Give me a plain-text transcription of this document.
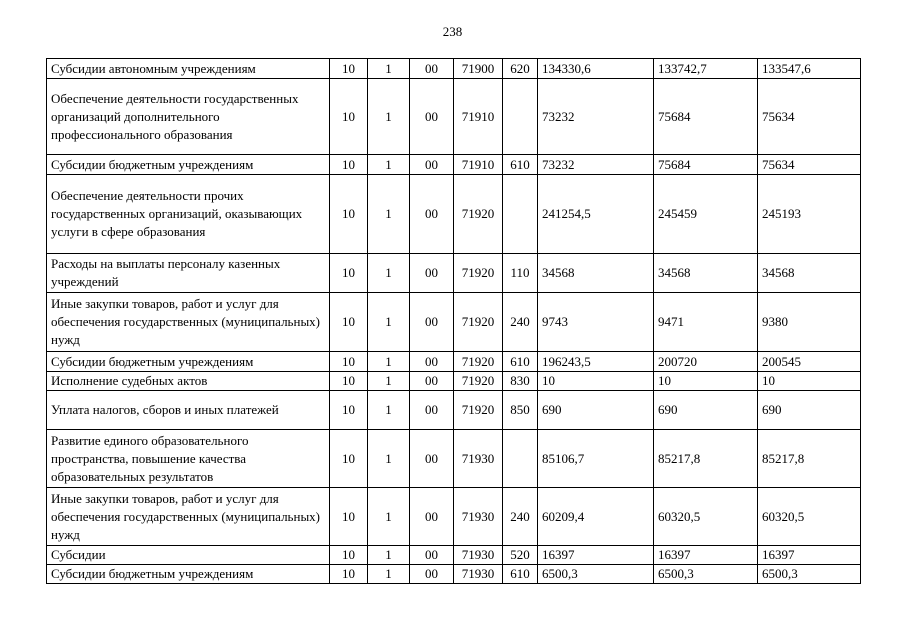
238
Субсидии автономным учреждениям	10	1	00	71900	620	134330,6	133742,7	133547,6
Обеспечение деятельности государственных организаций дополнительного профессионального образования	10	1	00	71910		73232	75684	75634
Субсидии бюджетным учреждениям	10	1	00	71910	610	73232	75684	75634
Обеспечение деятельности прочих государственных организаций, оказывающих услуги в сфере образования	10	1	00	71920		241254,5	245459	245193
Расходы на выплаты персоналу казенных учреждений	10	1	00	71920	110	34568	34568	34568
Иные закупки товаров, работ и услуг для обеспечения государственных (муниципальных) нужд	10	1	00	71920	240	9743	9471	9380
Субсидии бюджетным учреждениям	10	1	00	71920	610	196243,5	200720	200545
Исполнение судебных актов	10	1	00	71920	830	10	10	10
Уплата налогов, сборов и иных платежей	10	1	00	71920	850	690	690	690
Развитие единого образовательного пространства, повышение качества образовательных результатов	10	1	00	71930		85106,7	85217,8	85217,8
Иные закупки товаров, работ и услуг для обеспечения государственных (муниципальных) нужд	10	1	00	71930	240	60209,4	60320,5	60320,5
Субсидии	10	1	00	71930	520	16397	16397	16397
Субсидии бюджетным учреждениям	10	1	00	71930	610	6500,3	6500,3	6500,3
